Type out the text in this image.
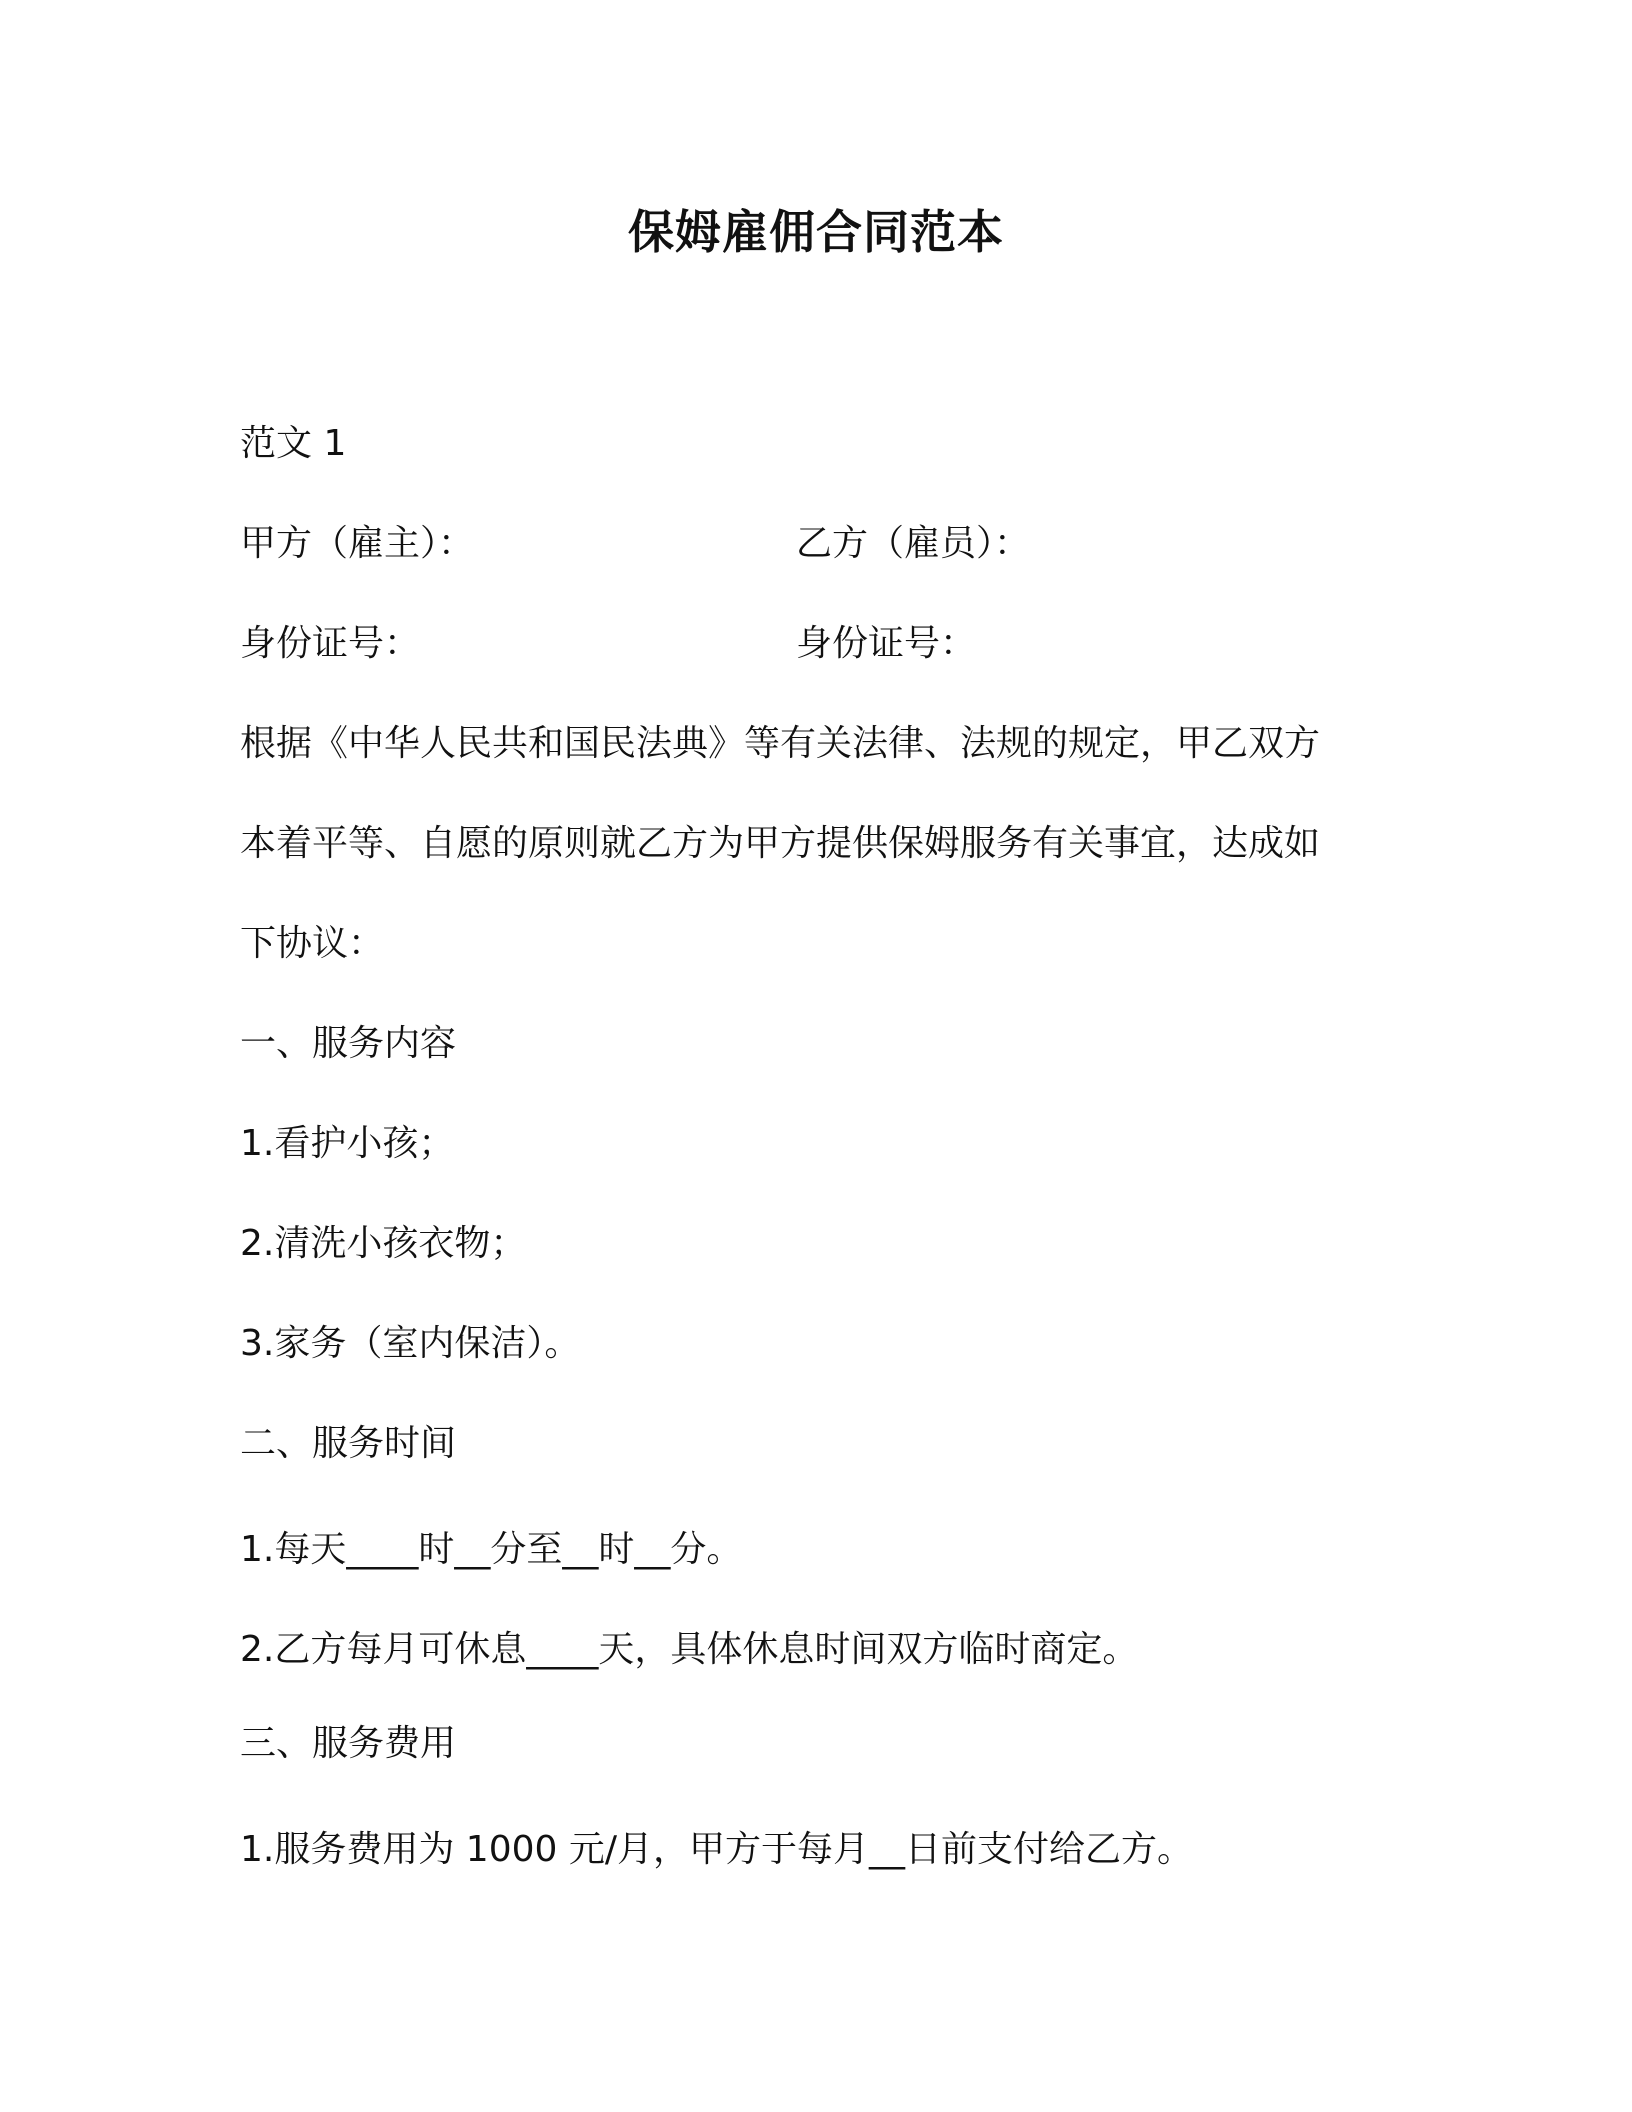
保姆雇佣合同范本
范文 1
甲方（雇主）：	乙方（雇员）：
身份证号：	身份证号：
根据《中华人民共和国民法典》等有关法律、法规的规定，甲乙双方
本着平等、自愿的原则就乙方为甲方提供保姆服务有关事宜，达成如
下协议：
一、服务内容
1.看护小孩；
2.清洗小孩衣物；
3.家务（室内保洁）。
二、服务时间
1.每天____时__分至__时__分。
2.乙方每月可休息____天，具体休息时间双方临时商定。
三、服务费用
1.服务费用为 1000 元/月，甲方于每月__日前支付给乙方。
